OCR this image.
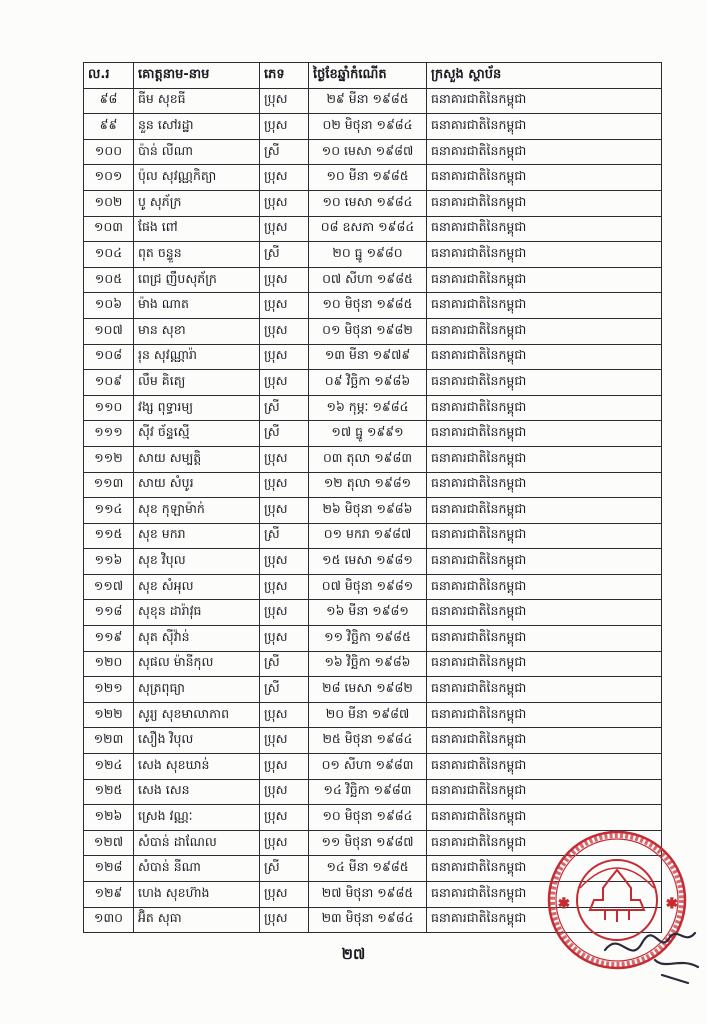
ល.រ	គោត្តនាម-នាម	ភេទ	ថ្ងៃខែឆ្នាំកំណើត	ក្រសួង ស្ថាប័ន
៩៨	ធីម សុខធី	ប្រុស	២៩ មីនា ១៩៨៥	ធនាគារជាតិនៃកម្ពុជា
៩៩	នួន សៅរដ្ឋា	ប្រុស	០២ មិថុនា ១៩៨៤	ធនាគារជាតិនៃកម្ពុជា
១០០	ប៉ាន់ លីណា	ស្រី	១០ មេសា ១៩៨៧	ធនាគារជាតិនៃកម្ពុជា
១០១	ប៉ុល សុវណ្ណកិត្យា	ប្រុស	១០ មីនា ១៩៨៥	ធនាគារជាតិនៃកម្ពុជា
១០២	បូ សុភ័ក្រ	ប្រុស	១០ មេសា ១៩៨៤	ធនាគារជាតិនៃកម្ពុជា
១០៣	ផែង ពៅ	ប្រុស	០៨ ឧសភា ១៩៨៤	ធនាគារជាតិនៃកម្ពុជា
១០៤	ពុត ចន្ទួន	ស្រី	២០ ធ្នូ ១៩៨០	ធនាគារជាតិនៃកម្ពុជា
១០៥	ពេជ្រ ញឹបសុភ័ក្រ	ប្រុស	០៧ សីហា ១៩៨៥	ធនាគារជាតិនៃកម្ពុជា
១០៦	ម៉ាង ណាត	ប្រុស	១០ មិថុនា ១៩៨៥	ធនាគារជាតិនៃកម្ពុជា
១០៧	មាន សុខា	ប្រុស	០១ មិថុនា ១៩៨២	ធនាគារជាតិនៃកម្ពុជា
១០៨	រុន សុវណ្ណារ៉ា	ប្រុស	១៣ មីនា ១៩៧៩	ធនាគារជាតិនៃកម្ពុជា
១០៩	លឹម គិត្យេ	ប្រុស	០៩ វិច្ឆិកា ១៩៨៦	ធនាគារជាតិនៃកម្ពុជា
១១០	វង្ស ពុទ្ធារម្យ	ស្រី	១៦ កុម្ភៈ ១៩៨៤	ធនាគារជាតិនៃកម្ពុជា
១១១	ស៊ីវ ច័ន្ទស្មើ	ស្រី	១៧ ធ្នូ ១៩៩១	ធនាគារជាតិនៃកម្ពុជា
១១២	សាយ សម្បត្តិ	ប្រុស	០៣ តុលា ១៩៨៣	ធនាគារជាតិនៃកម្ពុជា
១១៣	សាយ សំបូរ	ប្រុស	១២ តុលា ១៩៨១	ធនាគារជាតិនៃកម្ពុជា
១១៤	សុខ កុឡាម៉ាក់	ប្រុស	២៦ មិថុនា ១៩៨៦	ធនាគារជាតិនៃកម្ពុជា
១១៥	សុខ មករា	ស្រី	០១ មករា ១៩៨៧	ធនាគារជាតិនៃកម្ពុជា
១១៦	សុខ វិបុល	ប្រុស	១៥ មេសា ១៩៨១	ធនាគារជាតិនៃកម្ពុជា
១១៧	សុខ សំអុល	ប្រុស	០៧ មិថុនា ១៩៨១	ធនាគារជាតិនៃកម្ពុជា
១១៨	សុខុន ដារ៉ាវុធ	ប្រុស	១៦ មីនា ១៩៨១	ធនាគារជាតិនៃកម្ពុជា
១១៩	សុត ស៊ីវ៉ាន់	ប្រុស	១១ វិច្ឆិកា ១៩៨៥	ធនាគារជាតិនៃកម្ពុជា
១២០	សុផល ម៉ានីកុល	ស្រី	១៦ វិច្ឆិកា ១៩៨៦	ធនាគារជាតិនៃកម្ពុជា
១២១	សុត្រពុធ្យា	ស្រី	២៨ មេសា ១៩៨២	ធនាគារជាតិនៃកម្ពុជា
១២២	សូរ្យ សុខមាលាភាព	ប្រុស	២០ មីនា ១៩៨៧	ធនាគារជាតិនៃកម្ពុជា
១២៣	សឿង វិបុល	ប្រុស	២៥ មិថុនា ១៩៨៤	ធនាគារជាតិនៃកម្ពុជា
១២៤	សេង សុខឃាន់	ប្រុស	០១ សីហា ១៩៨៣	ធនាគារជាតិនៃកម្ពុជា
១២៥	សេង សេន	ប្រុស	១៤ វិច្ឆិកា ១៩៨៣	ធនាគារជាតិនៃកម្ពុជា
១២៦	ស្រេង វណ្ណៈ	ប្រុស	១០ មិថុនា ១៩៨៤	ធនាគារជាតិនៃកម្ពុជា
១២៧	សំបាន់ ដាណែល	ប្រុស	១១ មិថុនា ១៩៨៧	ធនាគារជាតិនៃកម្ពុជា
១២៨	សំបាន់ នីណា	ស្រី	១៤ មីនា ១៩៨៥	ធនាគារជាតិនៃកម្ពុជា
១២៩	ហេង សុខហ៊ាង	ប្រុស	២៧ មិថុនា ១៩៨៥	ធនាគារជាតិនៃកម្ពុជា
១៣០	អ៊ិត សុធា	ប្រុស	២៣ មិថុនា ១៩៨៤	ធនាគារជាតិនៃកម្ពុជា
២៧
✱	✱
